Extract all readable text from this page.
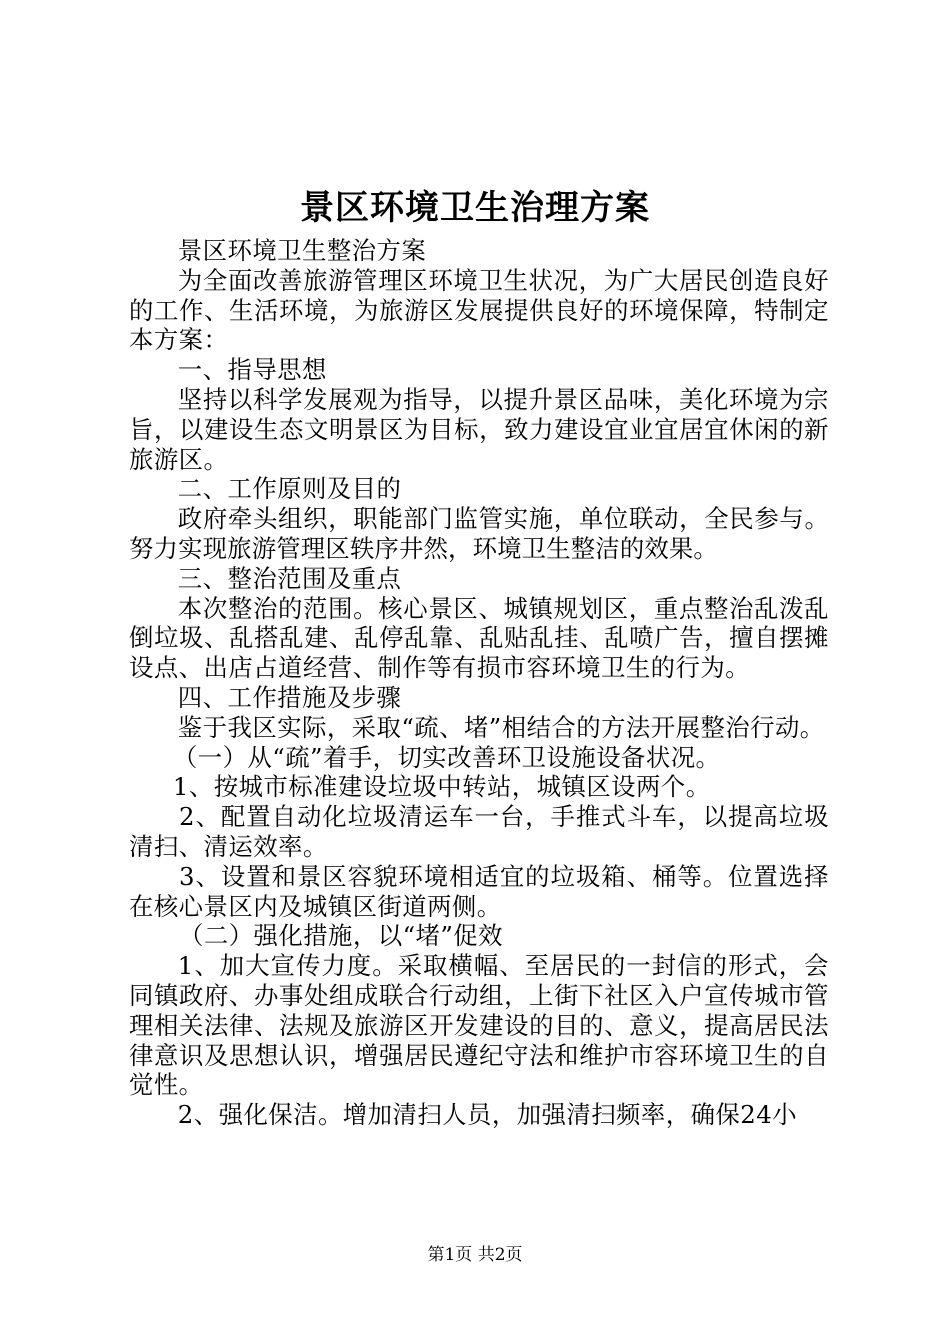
景区环境卫生治理方案

景区环境卫生整治方案

为全面改善旅游管理区环境卫生状况，为广大居民创造良好的工作、生活环境，为旅游区发展提供良好的环境保障，特制定本方案：

一、指导思想

坚持以科学发展观为指导，以提升景区品味，美化环境为宗旨，以建设生态文明景区为目标，致力建设宜业宜居宜休闲的新旅游区。

二、工作原则及目的

政府牵头组织，职能部门监管实施，单位联动，全民参与。努力实现旅游管理区轶序井然，环境卫生整洁的效果。

三、整治范围及重点

本次整治的范围。核心景区、城镇规划区，重点整治乱泼乱倒垃圾、乱搭乱建、乱停乱靠、乱贴乱挂、乱喷广告，擅自摆摊设点、出店占道经营、制作等有损市容环境卫生的行为。

四、工作措施及步骤

鉴于我区实际，采取“疏、堵”相结合的方法开展整治行动。

（一）从“疏”着手，切实改善环卫设施设备状况。

1、按城市标准建设垃圾中转站，城镇区设两个。

2、配置自动化垃圾清运车一台，手推式斗车，以提高垃圾清扫、清运效率。

3、设置和景区容貌环境相适宜的垃圾箱、桶等。位置选择在核心景区内及城镇区街道两侧。

（二）强化措施，以“堵”促效

1、加大宣传力度。采取横幅、至居民的一封信的形式，会同镇政府、办事处组成联合行动组，上街下社区入户宣传城市管理相关法律、法规及旅游区开发建设的目的、意义，提高居民法律意识及思想认识，增强居民遵纪守法和维护市容环境卫生的自觉性。

2、强化保洁。增加清扫人员，加强清扫频率，确保24小

第1页 共2页
